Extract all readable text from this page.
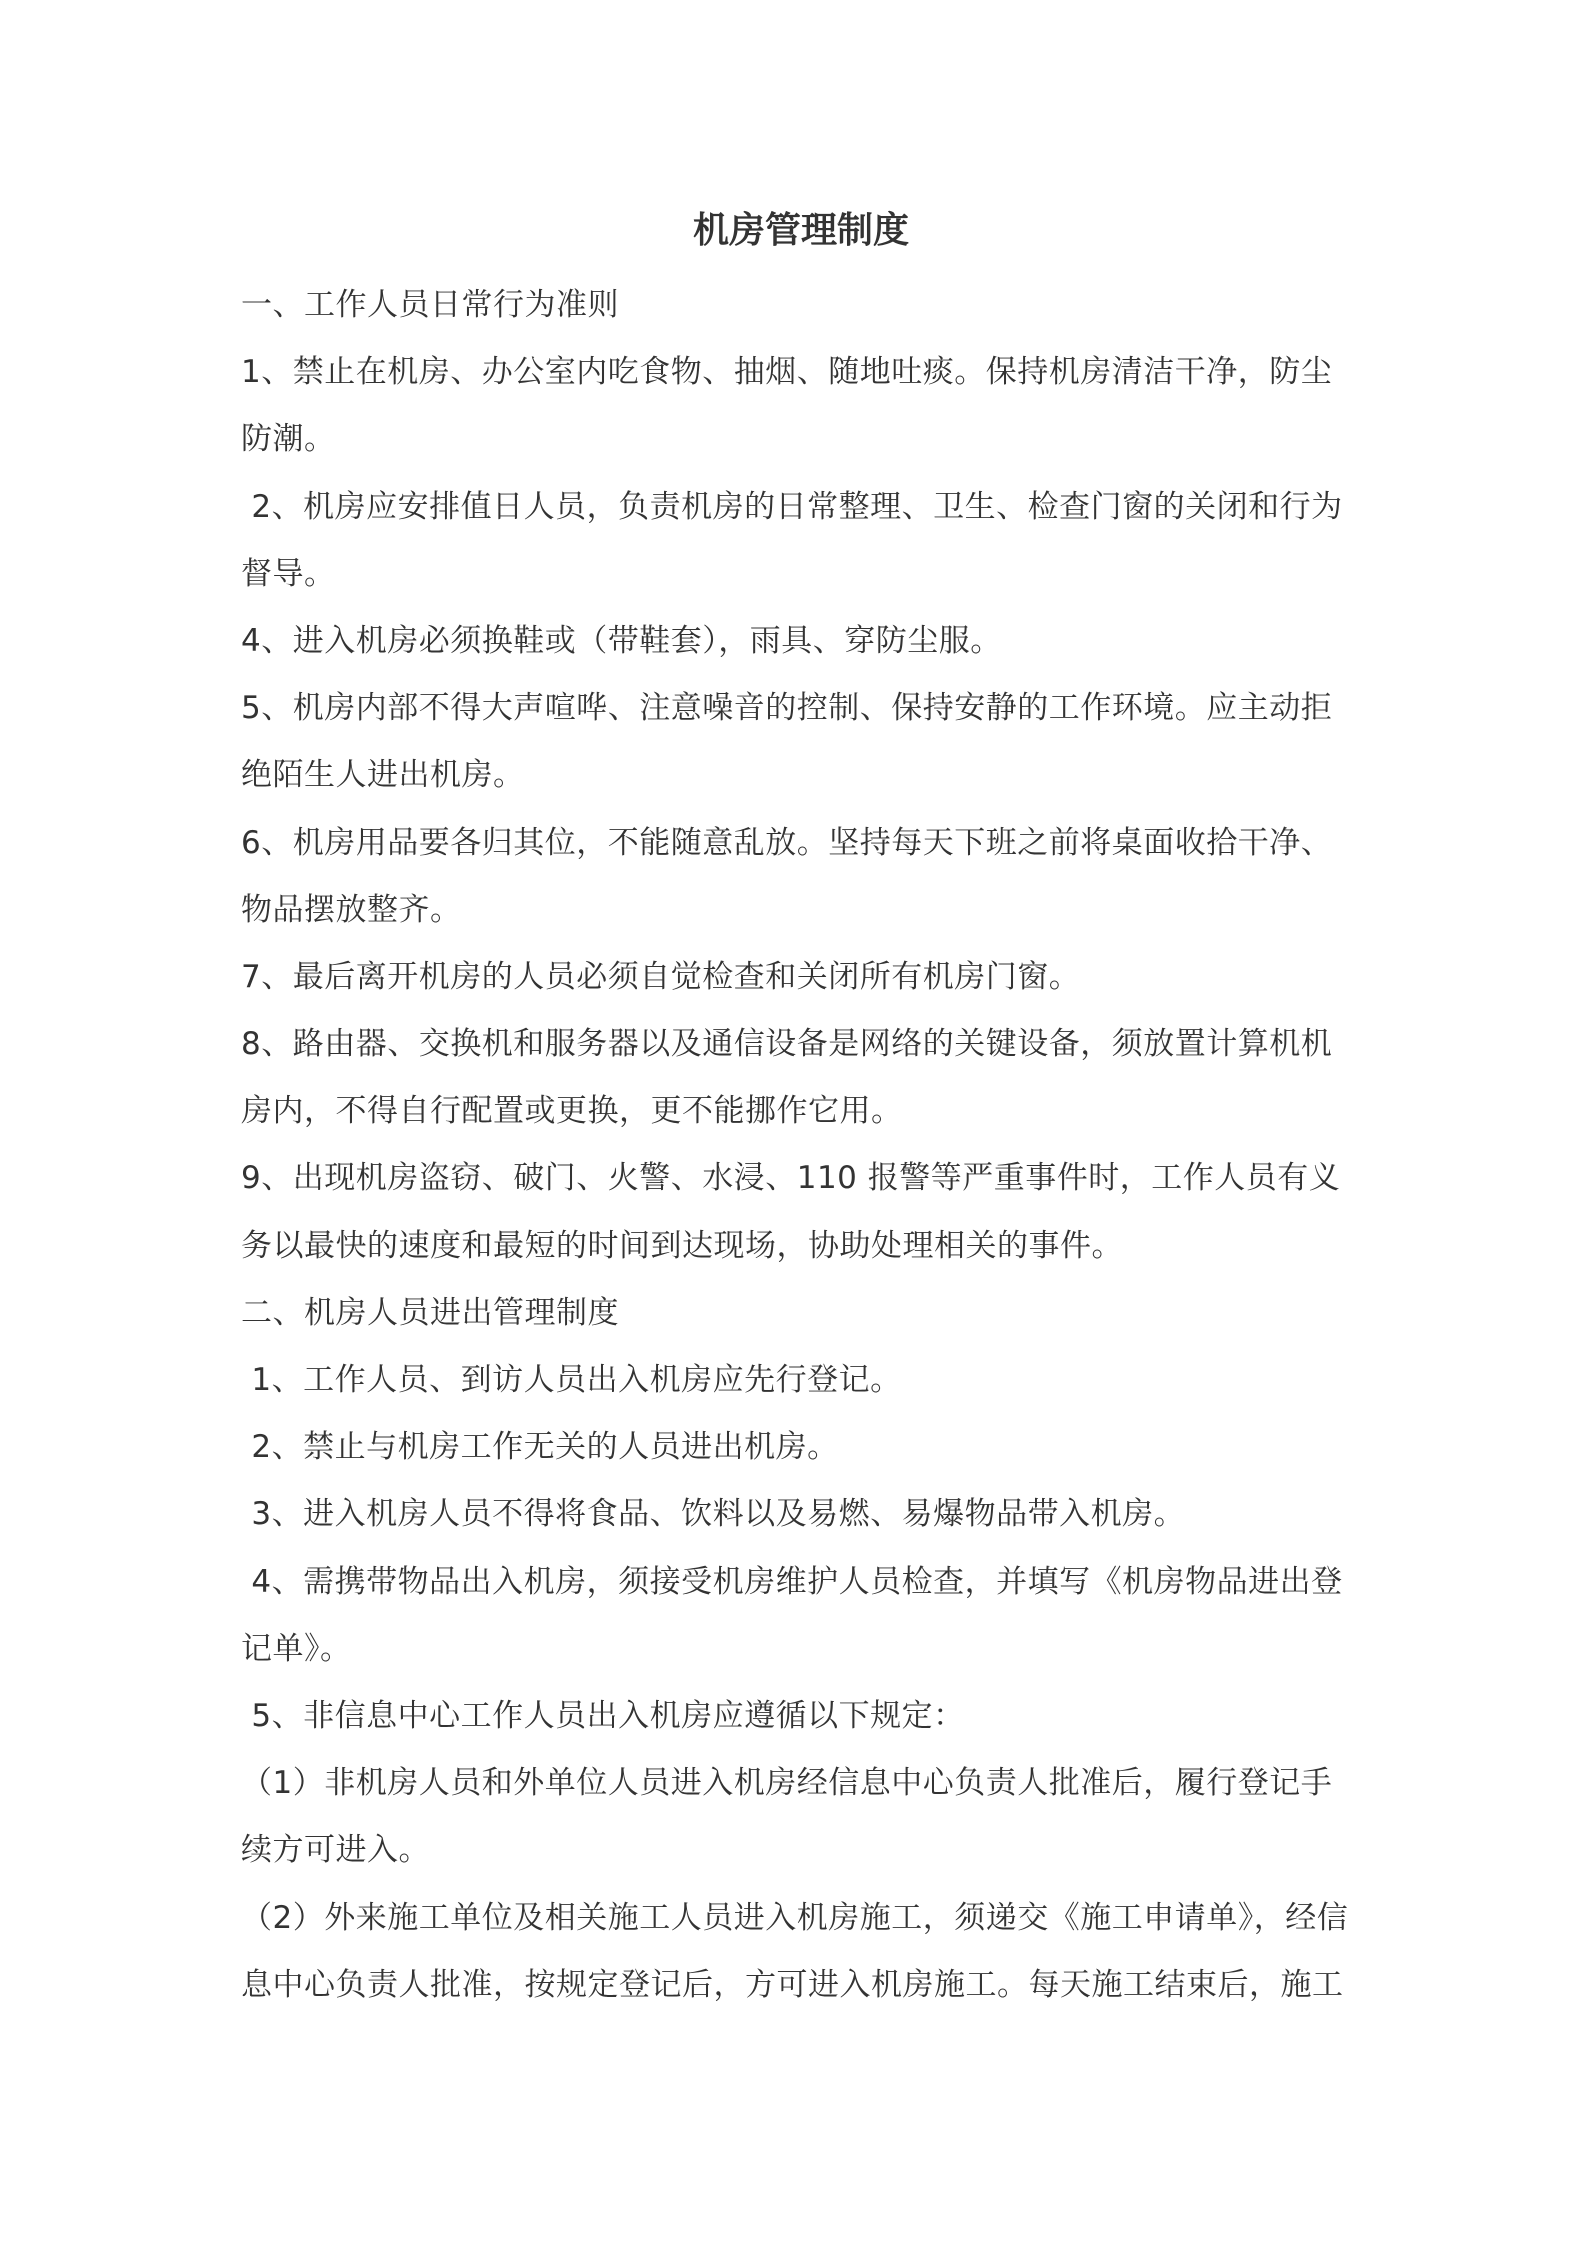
机房管理制度
一、工作人员日常行为准则
1、禁止在机房、办公室内吃食物、抽烟、随地吐痰。保持机房清洁干净，防尘
防潮。
2、机房应安排值日人员，负责机房的日常整理、卫生、检查门窗的关闭和行为
督导。
4、进入机房必须换鞋或（带鞋套），雨具、穿防尘服。
5、机房内部不得大声喧哗、注意噪音的控制、保持安静的工作环境。应主动拒
绝陌生人进出机房。
6、机房用品要各归其位，不能随意乱放。坚持每天下班之前将桌面收拾干净、
物品摆放整齐。
7、最后离开机房的人员必须自觉检查和关闭所有机房门窗。
8、路由器、交换机和服务器以及通信设备是网络的关键设备，须放置计算机机
房内，不得自行配置或更换，更不能挪作它用。
9、出现机房盗窃、破门、火警、水浸、110 报警等严重事件时，工作人员有义
务以最快的速度和最短的时间到达现场，协助处理相关的事件。
二、机房人员进出管理制度
1、工作人员、到访人员出入机房应先行登记。
2、禁止与机房工作无关的人员进出机房。
3、进入机房人员不得将食品、饮料以及易燃、易爆物品带入机房。
4、需携带物品出入机房，须接受机房维护人员检查，并填写《机房物品进出登
记单》。
5、非信息中心工作人员出入机房应遵循以下规定：
（1）非机房人员和外单位人员进入机房经信息中心负责人批准后，履行登记手
续方可进入。
（2）外来施工单位及相关施工人员进入机房施工，须递交《施工申请单》，经信
息中心负责人批准，按规定登记后，方可进入机房施工。每天施工结束后，施工
